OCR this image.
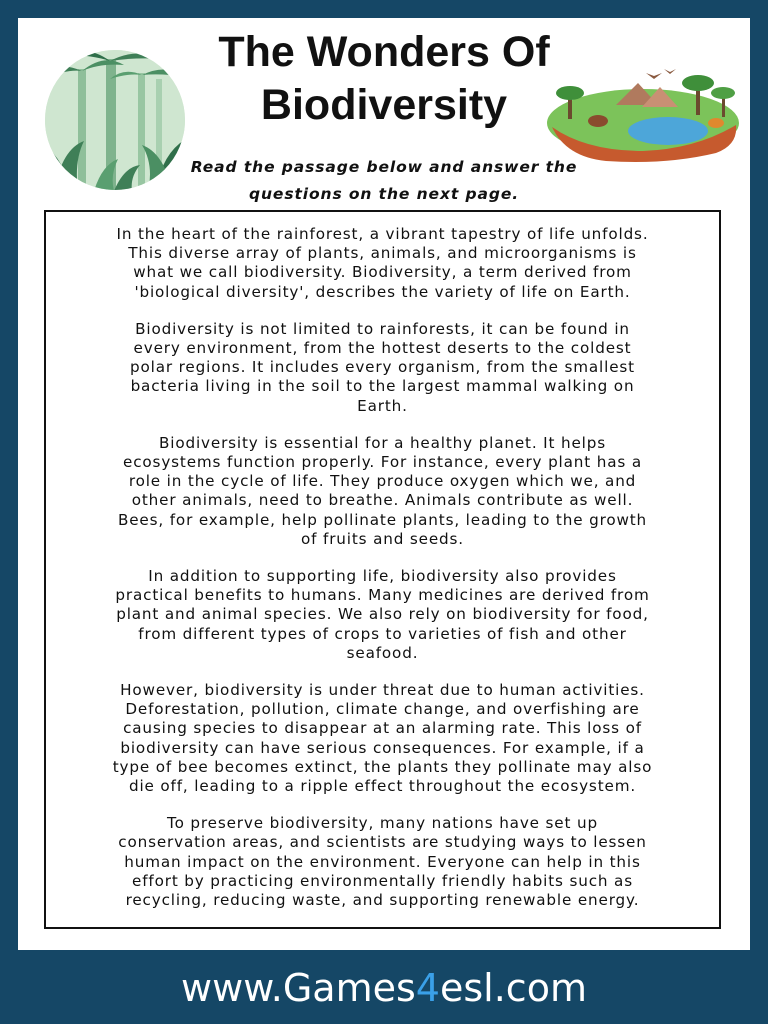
The Wonders Of
Biodiversity
Read the passage below and answer the
questions on the next page.

In the heart of the rainforest, a vibrant tapestry of life unfolds.
This diverse array of plants, animals, and microorganisms is
what we call biodiversity. Biodiversity, a term derived from
'biological diversity', describes the variety of life on Earth.

Biodiversity is not limited to rainforests, it can be found in
every environment, from the hottest deserts to the coldest
polar regions. It includes every organism, from the smallest
bacteria living in the soil to the largest mammal walking on
Earth.

Biodiversity is essential for a healthy planet. It helps
ecosystems function properly. For instance, every plant has a
role in the cycle of life. They produce oxygen which we, and
other animals, need to breathe. Animals contribute as well.
Bees, for example, help pollinate plants, leading to the growth
of fruits and seeds.

In addition to supporting life, biodiversity also provides
practical benefits to humans. Many medicines are derived from
plant and animal species. We also rely on biodiversity for food,
from different types of crops to varieties of fish and other
seafood.

However, biodiversity is under threat due to human activities.
Deforestation, pollution, climate change, and overfishing are
causing species to disappear at an alarming rate. This loss of
biodiversity can have serious consequences. For example, if a
type of bee becomes extinct, the plants they pollinate may also
die off, leading to a ripple effect throughout the ecosystem.

To preserve biodiversity, many nations have set up
conservation areas, and scientists are studying ways to lessen
human impact on the environment. Everyone can help in this
effort by practicing environmentally friendly habits such as
recycling, reducing waste, and supporting renewable energy.

www.Games4esl.com
